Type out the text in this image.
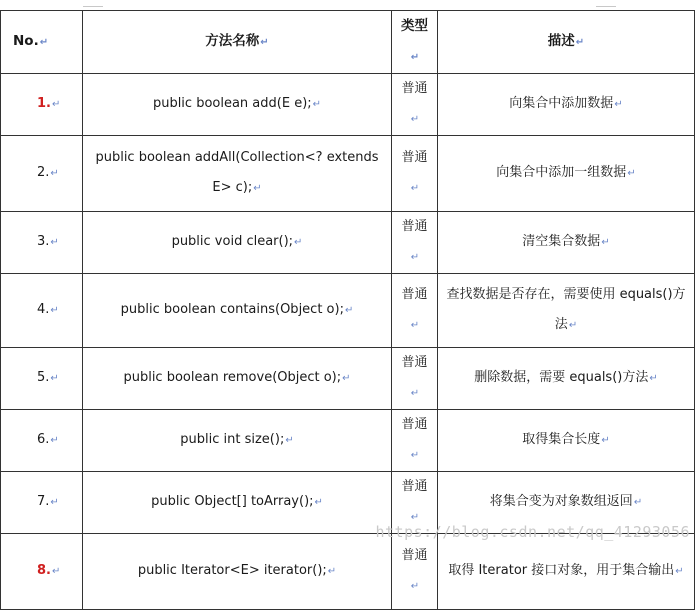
No.↵	方法名称↵	类型↵	描述↵
1.↵	public boolean add(E e);↵	普通↵	向集合中添加数据↵
2.↵	public boolean addAll(Collection<? extends E> c);↵	普通↵	向集合中添加一组数据↵
3.↵	public void clear();↵	普通↵	清空集合数据↵
4.↵	public boolean contains(Object o);↵	普通↵	查找数据是否存在，需要使用 equals()方法↵
5.↵	public boolean remove(Object o);↵	普通↵	删除数据，需要 equals()方法↵
6.↵	public int size();↵	普通↵	取得集合长度↵
7.↵	public Object[] toArray();↵	普通↵	将集合变为对象数组返回↵
8.↵	public Iterator<E> iterator();↵	普通↵	取得 Iterator 接口对象，用于集合输出↵
https://blog.csdn.net/qq_41293056
